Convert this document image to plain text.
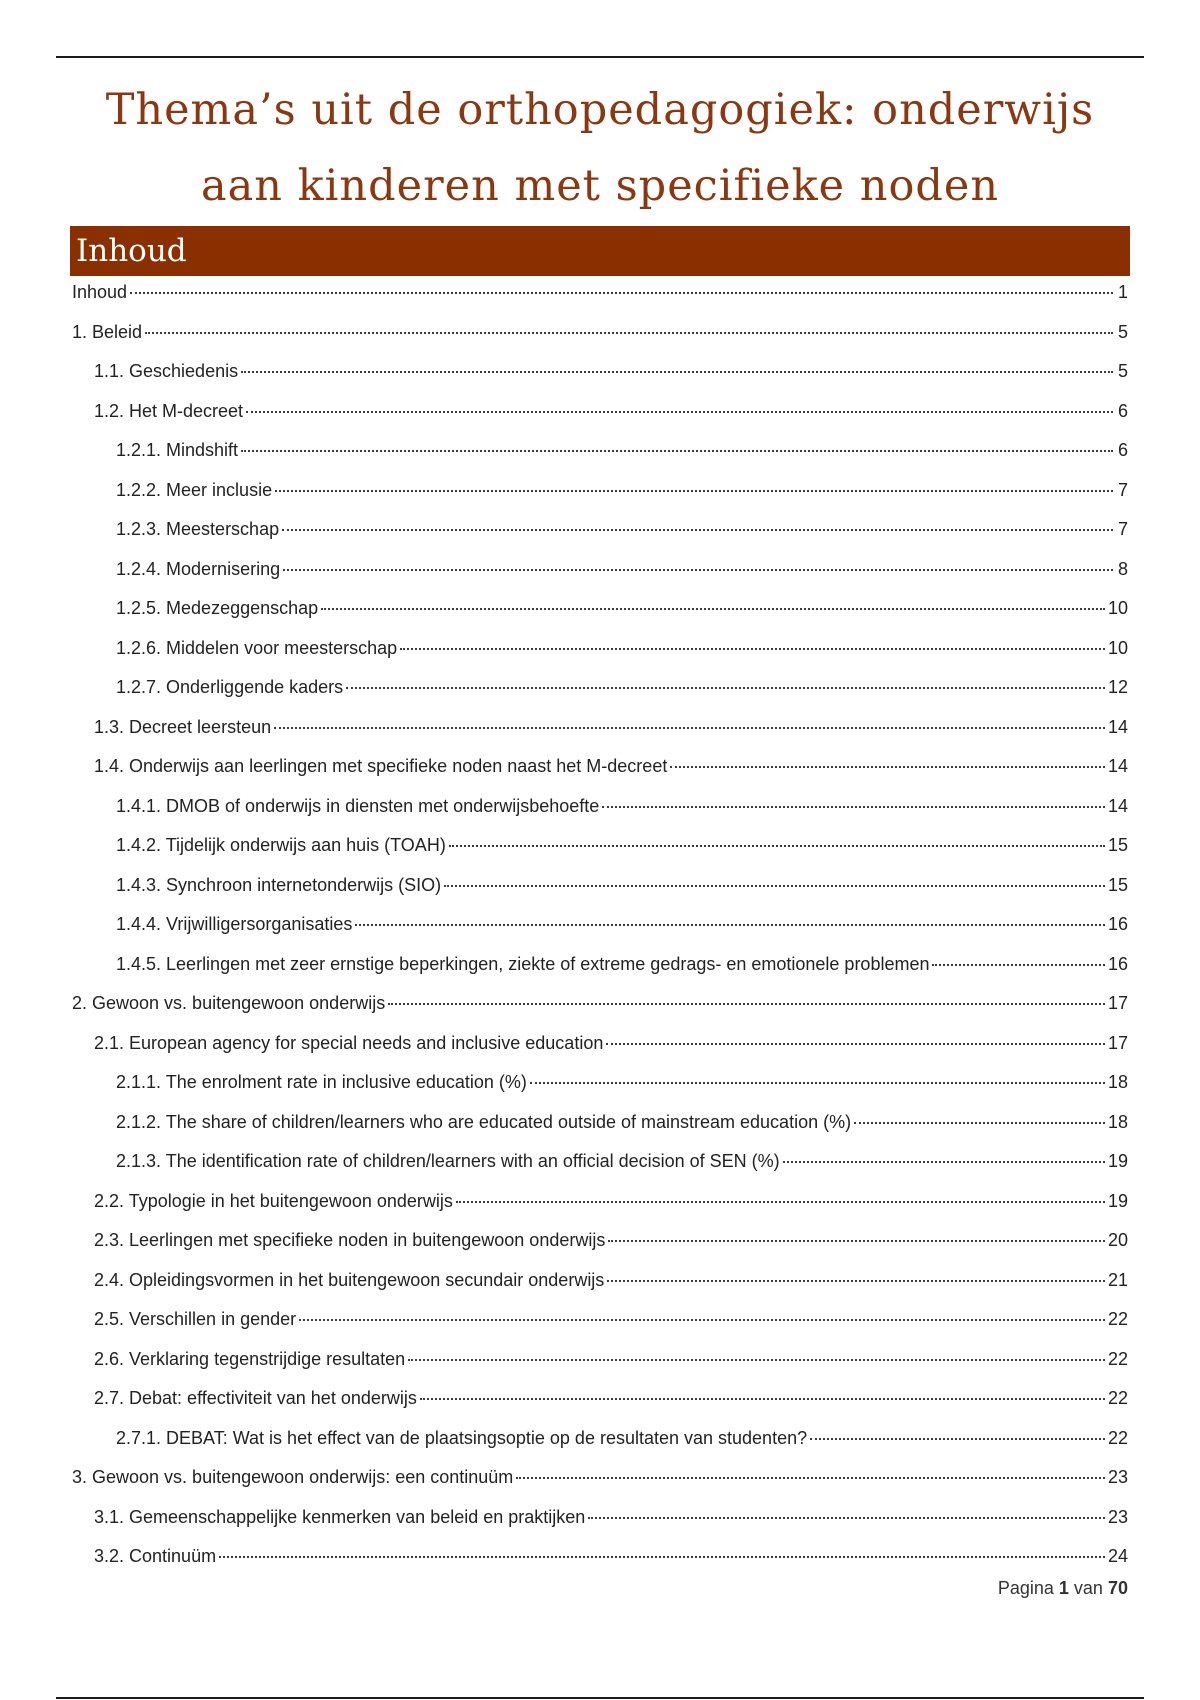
Thema’s uit de orthopedagogiek: onderwijs
aan kinderen met specifieke noden
Inhoud
Inhoud	1
1. Beleid	5
1.1. Geschiedenis	5
1.2. Het M-decreet	6
1.2.1. Mindshift	6
1.2.2. Meer inclusie	7
1.2.3. Meesterschap	7
1.2.4. Modernisering	8
1.2.5. Medezeggenschap	10
1.2.6. Middelen voor meesterschap	10
1.2.7. Onderliggende kaders	12
1.3. Decreet leersteun	14
1.4. Onderwijs aan leerlingen met specifieke noden naast het M-decreet	14
1.4.1. DMOB of onderwijs in diensten met onderwijsbehoefte	14
1.4.2. Tijdelijk onderwijs aan huis (TOAH)	15
1.4.3. Synchroon internetonderwijs (SIO)	15
1.4.4. Vrijwilligersorganisaties	16
1.4.5. Leerlingen met zeer ernstige beperkingen, ziekte of extreme gedrags- en emotionele problemen	16
2. Gewoon vs. buitengewoon onderwijs	17
2.1. European agency for special needs and inclusive education	17
2.1.1. The enrolment rate in inclusive education (%)	18
2.1.2. The share of children/learners who are educated outside of mainstream education (%)	18
2.1.3. The identification rate of children/learners with an official decision of SEN (%)	19
2.2. Typologie in het buitengewoon onderwijs	19
2.3. Leerlingen met specifieke noden in buitengewoon onderwijs	20
2.4. Opleidingsvormen in het buitengewoon secundair onderwijs	21
2.5. Verschillen in gender	22
2.6. Verklaring tegenstrijdige resultaten	22
2.7. Debat: effectiviteit van het onderwijs	22
2.7.1. DEBAT: Wat is het effect van de plaatsingsoptie op de resultaten van studenten?	22
3. Gewoon vs. buitengewoon onderwijs: een continuüm	23
3.1. Gemeenschappelijke kenmerken van beleid en praktijken	23
3.2. Continuüm	24
Pagina 1 van 70
